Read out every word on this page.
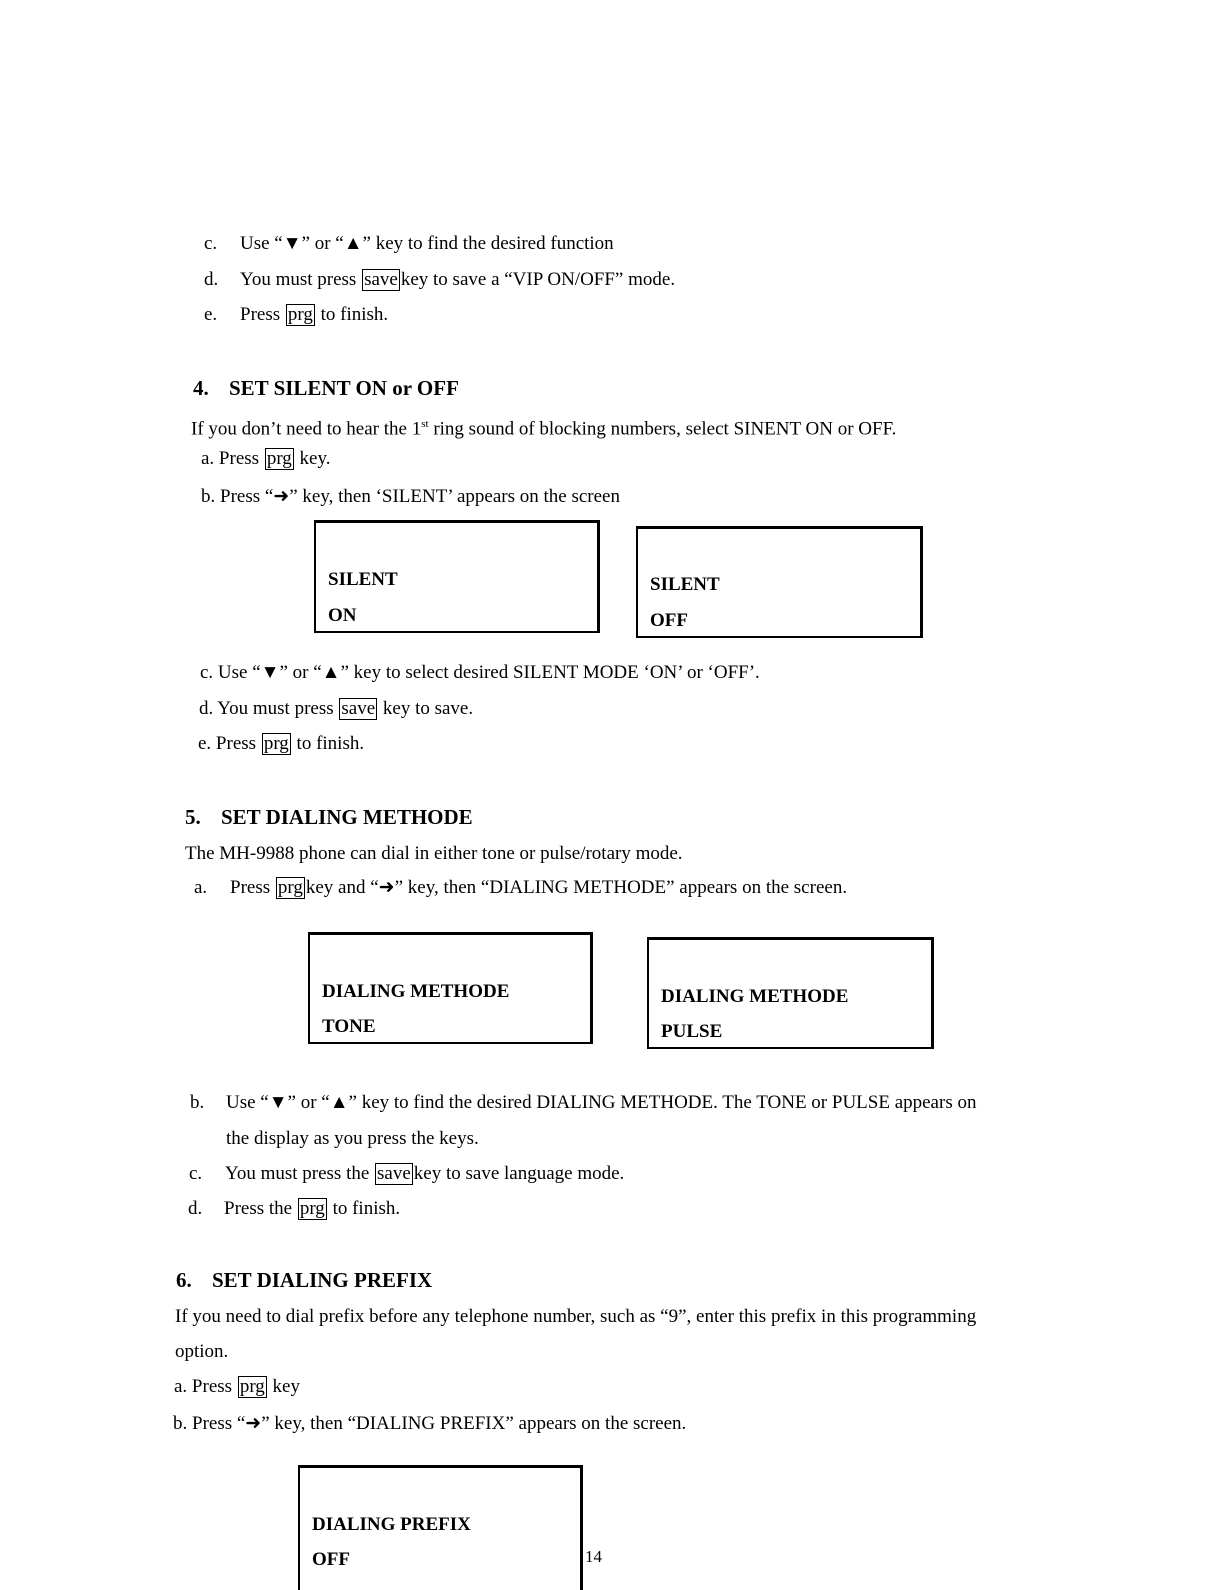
c. Use “▼” or “▲” key to find the desired function
d. You must press save key to save a “VIP ON/OFF” mode.
e. Press prg to finish.
4. SET SILENT ON or OFF
If you don’t need to hear the 1st ring sound of blocking numbers, select SINENT ON or OFF.
a. Press prg key.
b. Press “➜” key, then ‘SILENT’ appears on the screen
SILENT
ON
SILENT
OFF
c. Use “▼” or “▲” key to select desired SILENT MODE ‘ON’ or ‘OFF’.
d. You must press save key to save.
e. Press prg to finish.
5. SET DIALING METHODE
The MH-9988 phone can dial in either tone or pulse/rotary mode.
a. Press prg key and “➜” key, then “DIALING METHODE” appears on the screen.
DIALING METHODE
TONE
DIALING METHODE
PULSE
b. Use “▼” or “▲” key to find the desired DIALING METHODE. The TONE or PULSE appears on
the display as you press the keys.
c. You must press the save key to save language mode.
d. Press the prg to finish.
6. SET DIALING PREFIX
If you need to dial prefix before any telephone number, such as “9”, enter this prefix in this programming
option.
a. Press prg key
b. Press “➜” key, then “DIALING PREFIX” appears on the screen.
DIALING PREFIX
OFF	14
